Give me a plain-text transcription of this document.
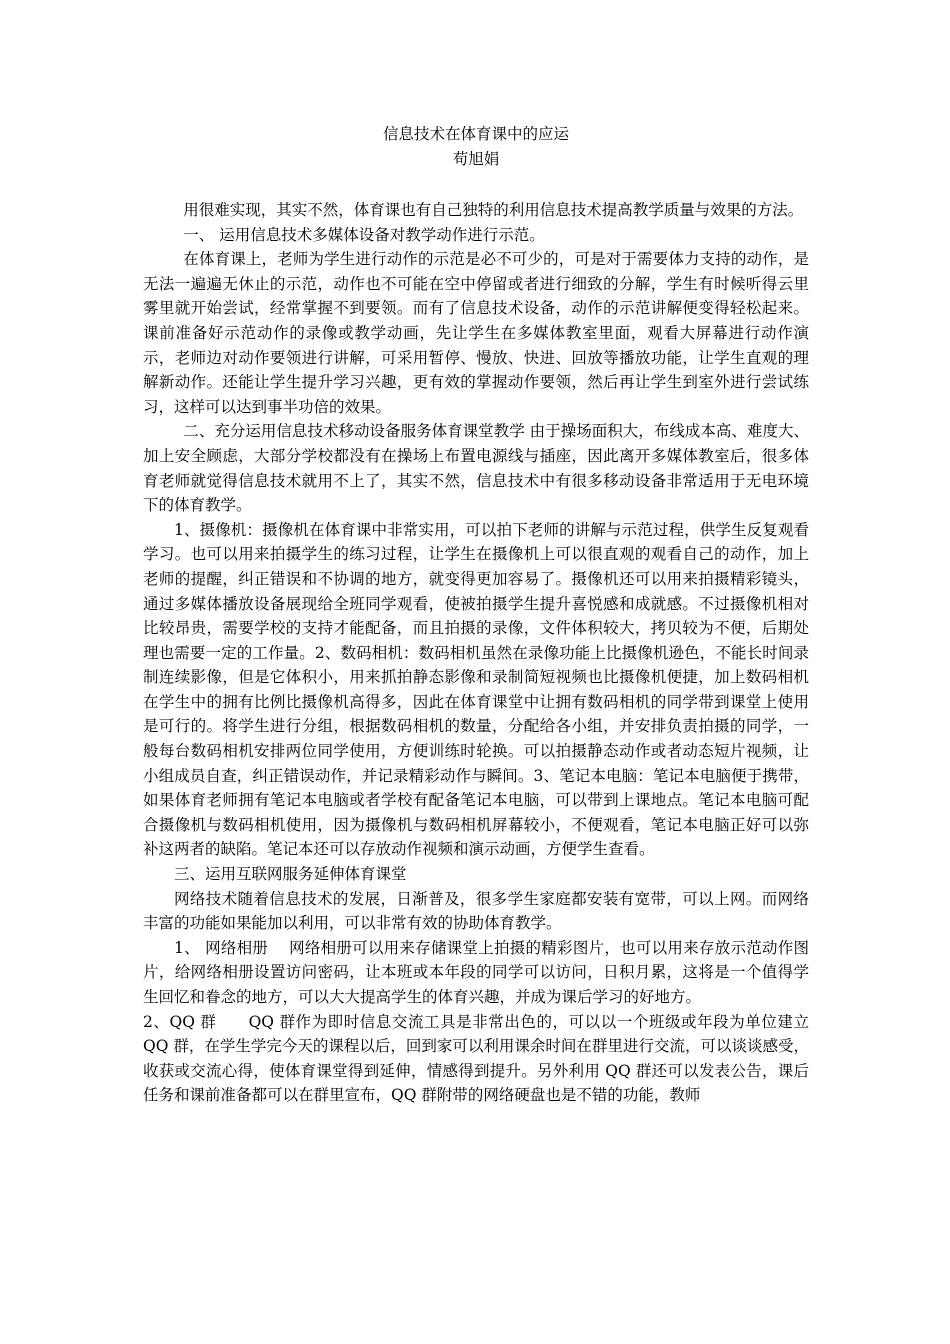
信息技术在体育课中的应运
苟旭娟

用很难实现，其实不然，体育课也有自己独特的利用信息技术提高教学质量与效果的方法。

一、 运用信息技术多媒体设备对教学动作进行示范。

在体育课上，老师为学生进行动作的示范是必不可少的，可是对于需要体力支持的动作，是无法一遍遍无休止的示范，动作也不可能在空中停留或者进行细致的分解，学生有时候听得云里雾里就开始尝试，经常掌握不到要领。而有了信息技术设备，动作的示范讲解便变得轻松起来。课前准备好示范动作的录像或教学动画，先让学生在多媒体教室里面，观看大屏幕进行动作演示，老师边对动作要领进行讲解，可采用暂停、慢放、快进、回放等播放功能，让学生直观的理解新动作。还能让学生提升学习兴趣，更有效的掌握动作要领，然后再让学生到室外进行尝试练习，这样可以达到事半功倍的效果。

二、充分运用信息技术移动设备服务体育课堂教学 由于操场面积大，布线成本高、难度大、加上安全顾虑，大部分学校都没有在操场上布置电源线与插座，因此离开多媒体教室后，很多体育老师就觉得信息技术就用不上了，其实不然，信息技术中有很多移动设备非常适用于无电环境下的体育教学。

1、摄像机：摄像机在体育课中非常实用，可以拍下老师的讲解与示范过程，供学生反复观看学习。也可以用来拍摄学生的练习过程，让学生在摄像机上可以很直观的观看自己的动作，加上老师的提醒，纠正错误和不协调的地方，就变得更加容易了。摄像机还可以用来拍摄精彩镜头，通过多媒体播放设备展现给全班同学观看，使被拍摄学生提升喜悦感和成就感。不过摄像机相对比较昂贵，需要学校的支持才能配备，而且拍摄的录像，文件体积较大，拷贝较为不便，后期处理也需要一定的工作量。2、数码相机：数码相机虽然在录像功能上比摄像机逊色，不能长时间录制连续影像，但是它体积小，用来抓拍静态影像和录制简短视频也比摄像机便捷，加上数码相机在学生中的拥有比例比摄像机高得多，因此在体育课堂中让拥有数码相机的同学带到课堂上使用是可行的。将学生进行分组，根据数码相机的数量，分配给各小组，并安排负责拍摄的同学，一般每台数码相机安排两位同学使用，方便训练时轮换。可以拍摄静态动作或者动态短片视频，让小组成员自查，纠正错误动作，并记录精彩动作与瞬间。3、笔记本电脑：笔记本电脑便于携带，如果体育老师拥有笔记本电脑或者学校有配备笔记本电脑，可以带到上课地点。笔记本电脑可配合摄像机与数码相机使用，因为摄像机与数码相机屏幕较小，不便观看，笔记本电脑正好可以弥补这两者的缺陷。笔记本还可以存放动作视频和演示动画，方便学生查看。

三、运用互联网服务延伸体育课堂

网络技术随着信息技术的发展，日渐普及，很多学生家庭都安装有宽带，可以上网。而网络丰富的功能如果能加以利用，可以非常有效的协助体育教学。

1、 网络相册　 网络相册可以用来存储课堂上拍摄的精彩图片，也可以用来存放示范动作图片，给网络相册设置访问密码，让本班或本年段的同学可以访问，日积月累，这将是一个值得学生回忆和眷念的地方，可以大大提高学生的体育兴趣，并成为课后学习的好地方。

2、QQ 群　　QQ 群作为即时信息交流工具是非常出色的，可以以一个班级或年段为单位建立 QQ 群，在学生学完今天的课程以后，回到家可以利用课余时间在群里进行交流，可以谈谈感受，收获或交流心得，使体育课堂得到延伸，情感得到提升。另外利用 QQ 群还可以发表公告，课后任务和课前准备都可以在群里宣布，QQ 群附带的网络硬盘也是不错的功能，教师
